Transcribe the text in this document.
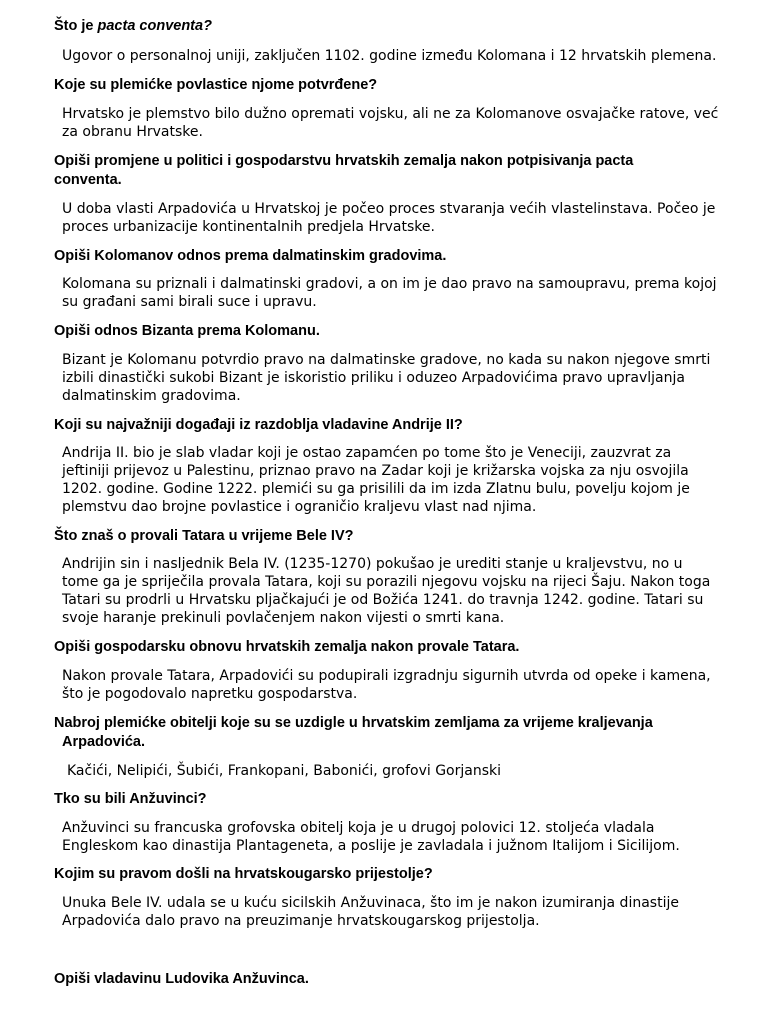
Što je pacta conventa?

Ugovor o personalnoj uniji, zaključen 1102. godine između Kolomana i 12 hrvatskih plemena.

Koje su plemićke povlastice njome potvrđene?

Hrvatsko je plemstvo bilo dužno opremati vojsku, ali ne za Kolomanove osvajačke ratove, već za obranu Hrvatske.

Opiši promjene u politici i gospodarstvu hrvatskih zemalja nakon potpisivanja pacta conventa.

U doba vlasti Arpadovića u Hrvatskoj je počeo proces stvaranja većih vlastelinstava. Počeo je proces urbanizacije kontinentalnih predjela Hrvatske.

Opiši Kolomanov odnos prema dalmatinskim gradovima.

Kolomana su priznali i dalmatinski gradovi, a on im je dao pravo na samoupravu, prema kojoj su građani sami birali suce i upravu.

Opiši odnos Bizanta prema Kolomanu.

Bizant je Kolomanu potvrdio pravo na dalmatinske gradove, no kada su nakon njegove smrti izbili dinastički sukobi Bizant je iskoristio priliku i oduzeo Arpadovićima pravo upravljanja dalmatinskim gradovima.

Koji su najvažniji događaji iz razdoblja vladavine Andrije II?

Andrija II. bio je slab vladar koji je ostao zapamćen po tome što je Veneciji, zauzvrat za jeftiniji prijevoz u Palestinu, priznao pravo na Zadar koji je križarska vojska za nju osvojila 1202. godine. Godine 1222. plemići su ga prisilili da im izda Zlatnu bulu, povelju kojom je plemstvu dao brojne povlastice i ograničio kraljevu vlast nad njima.

Što znaš o provali Tatara u vrijeme Bele IV?

Andrijin sin i nasljednik Bela IV. (1235-1270) pokušao je urediti stanje u kraljevstvu, no u tome ga je spriječila provala Tatara, koji su porazili njegovu vojsku na rijeci Šaju. Nakon toga Tatari su prodrli u Hrvatsku pljačkajući je od Božića 1241. do travnja 1242. godine. Tatari su svoje haranje prekinuli povlačenjem nakon vijesti o smrti kana.

Opiši gospodarsku obnovu hrvatskih zemalja nakon provale Tatara.

Nakon provale Tatara, Arpadovići su podupirali izgradnju sigurnih utvrda od opeke i kamena, što je pogodovalo napretku gospodarstva.

Nabroj plemićke obitelji koje su se uzdigle u hrvatskim zemljama za vrijeme kraljevanja Arpadovića.

Kačići, Nelipići, Šubići, Frankopani, Babonići, grofovi Gorjanski

Tko su bili Anžuvinci?

Anžuvinci su francuska grofovska obitelj koja je u drugoj polovici 12. stoljeća vladala Engleskom kao dinastija Plantageneta, a poslije je zavladala i južnom Italijom i Sicilijom.

Kojim su pravom došli na hrvatskougarsko prijestolje?

Unuka Bele IV. udala se u kuću sicilskih Anžuvinaca, što im je nakon izumiranja dinastije Arpadovića dalo pravo na preuzimanje hrvatskougarskog prijestolja.

Opiši vladavinu Ludovika Anžuvinca.
